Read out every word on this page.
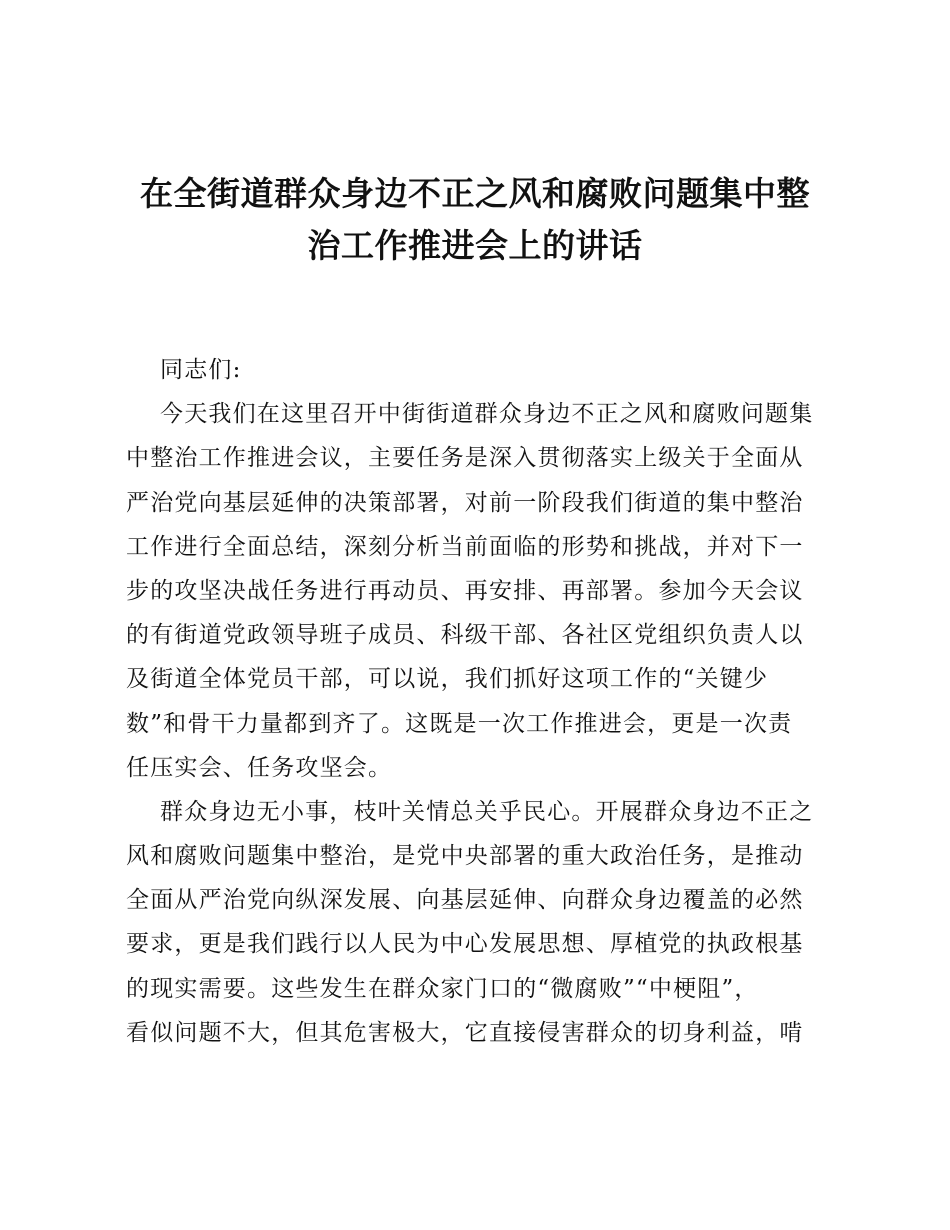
在全街道群众身边不正之风和腐败问题集中整
治工作推进会上的讲话
同志们:
今天我们在这里召开中街街道群众身边不正之风和腐败问题集
中整治工作推进会议，主要任务是深入贯彻落实上级关于全面从
严治党向基层延伸的决策部署，对前一阶段我们街道的集中整治
工作进行全面总结，深刻分析当前面临的形势和挑战，并对下一
步的攻坚决战任务进行再动员、再安排、再部署。参加今天会议
的有街道党政领导班子成员、科级干部、各社区党组织负责人以
及街道全体党员干部，可以说，我们抓好这项工作的“关键少
数”和骨干力量都到齐了。这既是一次工作推进会，更是一次责
任压实会、任务攻坚会。
群众身边无小事，枝叶关情总关乎民心。开展群众身边不正之
风和腐败问题集中整治，是党中央部署的重大政治任务，是推动
全面从严治党向纵深发展、向基层延伸、向群众身边覆盖的必然
要求，更是我们践行以人民为中心发展思想、厚植党的执政根基
的现实需要。这些发生在群众家门口的“微腐败”“中梗阻”，
看似问题不大，但其危害极大，它直接侵害群众的切身利益，啃
